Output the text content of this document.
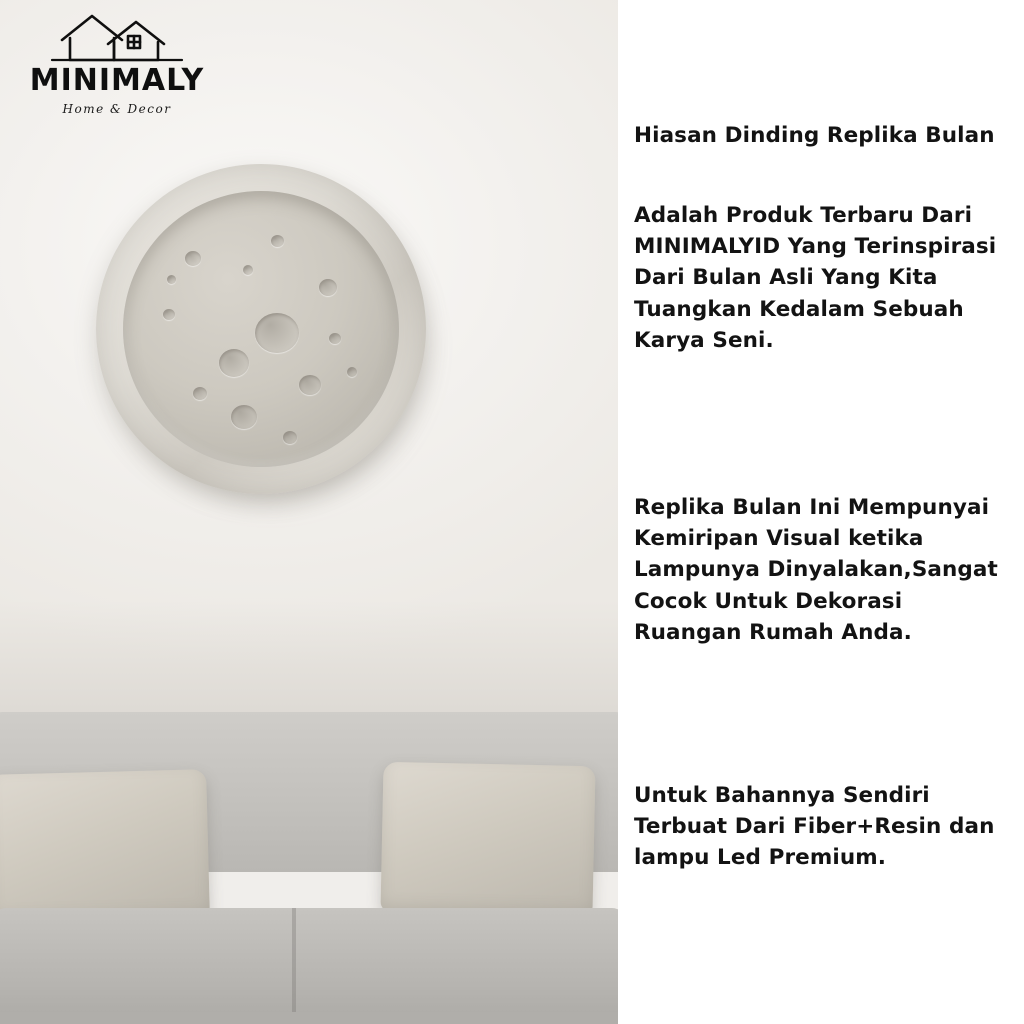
MINIMALY
Home & Decor
Hiasan Dinding Replika Bulan
Adalah Produk Terbaru Dari MINIMALYID Yang Terinspirasi Dari Bulan Asli Yang Kita Tuangkan Kedalam Sebuah Karya Seni.
Replika Bulan Ini Mempunyai Kemiripan Visual ketika Lampunya Dinyalakan,Sangat Cocok Untuk Dekorasi Ruangan Rumah Anda.
Untuk Bahannya Sendiri Terbuat Dari Fiber+Resin dan lampu Led Premium.
